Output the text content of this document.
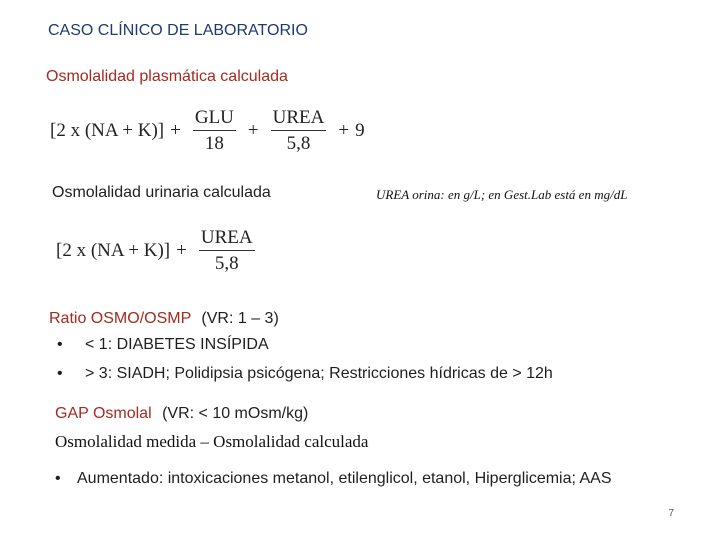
CASO CLÍNICO DE LABORATORIO
Osmolalidad plasmática calculada
[2 x $(NA + K)] + \frac{\text{GLU}}{18} + \frac{\text{UREA}}{5,8} + 9$
Osmolalidad urinaria calculada	UREA orina: en g/L; en Gest.Lab está en mg/dL
[2 x $(NA + K)] + \frac{\text{UREA}}{5,8}$
Ratio OSMO/OSMP (VR: 1 – 3)
•	< 1: DIABETES INSÍPIDA
•	> 3: SIADH; Polidipsia psicógena; Restricciones hídricas de > 12h
GAP Osmolal (VR: < 10 mOsm/kg)
Osmolalidad medida – Osmolalidad calculada
•	Aumentado: intoxicaciones metanol, etilenglicol, etanol, Hiperglicemia; AAS
7
